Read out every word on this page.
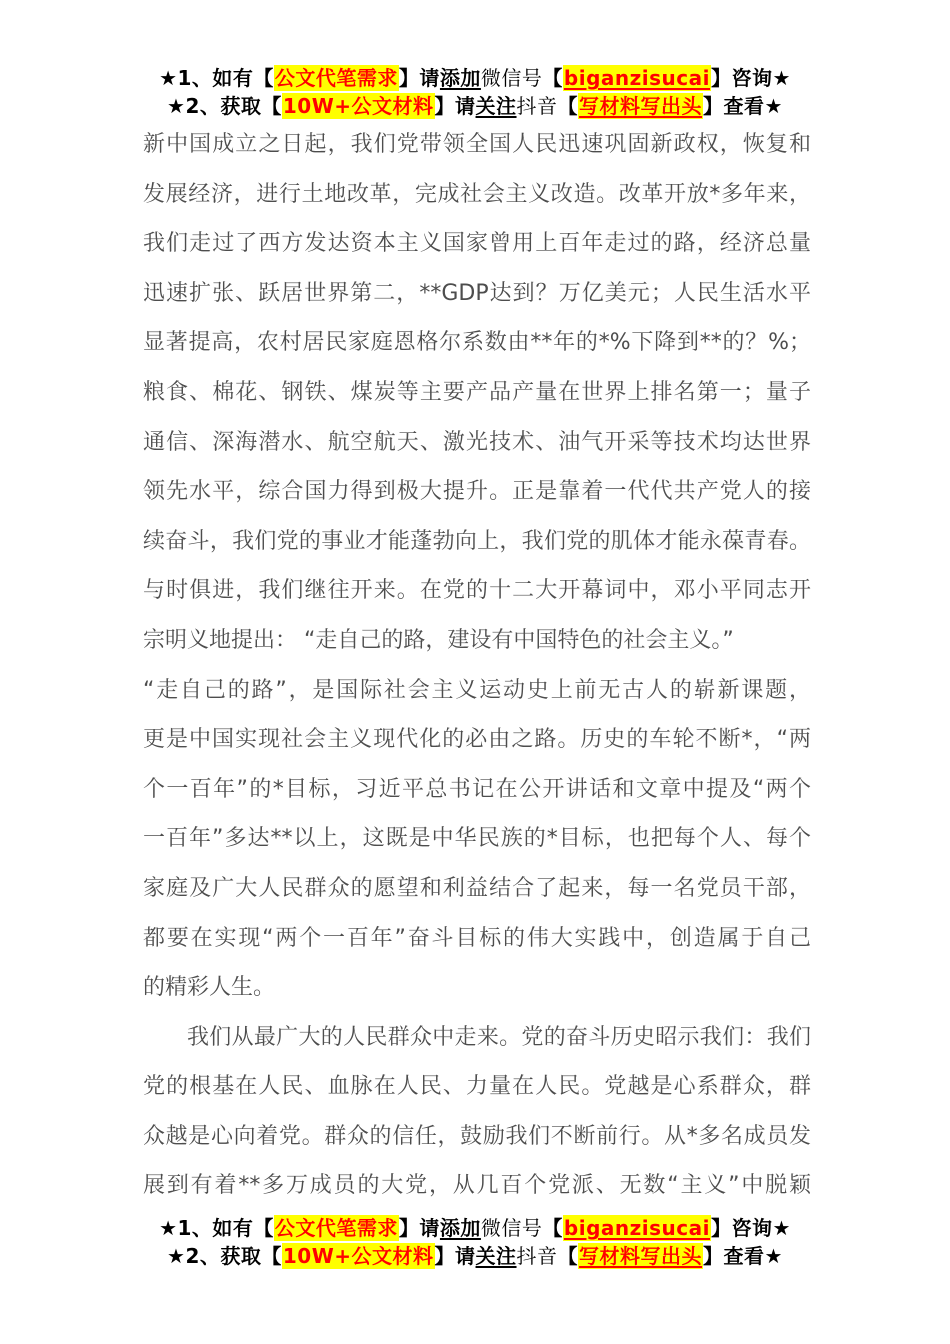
★1、如有【公文代笔需求】请添加微信号【biganzisucai】咨询★
★2、获取【10W+公文材料】请关注抖音【写材料写出头】查看★
新中国成立之日起，我们党带领全国人民迅速巩固新政权，恢复和
发展经济，进行土地改革，完成社会主义改造。改革开放*多年来，
我们走过了西方发达资本主义国家曾用上百年走过的路，经济总量
迅速扩张、跃居世界第二，**GDP达到？万亿美元；人民生活水平
显著提高，农村居民家庭恩格尔系数由**年的*%下降到**的？%；
粮食、棉花、钢铁、煤炭等主要产品产量在世界上排名第一；量子
通信、深海潜水、航空航天、激光技术、油气开采等技术均达世界
领先水平，综合国力得到极大提升。正是靠着一代代共产党人的接
续奋斗，我们党的事业才能蓬勃向上，我们党的肌体才能永葆青春。
与时俱进，我们继往开来。在党的十二大开幕词中，邓小平同志开
宗明义地提出： “走自己的路，建设有中国特色的社会主义。”
“走自己的路”，是国际社会主义运动史上前无古人的崭新课题，
更是中国实现社会主义现代化的必由之路。历史的车轮不断*，“两
个一百年”的*目标，习近平总书记在公开讲话和文章中提及“两个
一百年”多达**以上，这既是中华民族的*目标，也把每个人、每个
家庭及广大人民群众的愿望和利益结合了起来，每一名党员干部，
都要在实现“两个一百年”奋斗目标的伟大实践中，创造属于自己
的精彩人生。
我们从最广大的人民群众中走来。党的奋斗历史昭示我们：我们
党的根基在人民、血脉在人民、力量在人民。党越是心系群众，群
众越是心向着党。群众的信任，鼓励我们不断前行。从*多名成员发
展到有着**多万成员的大党，从几百个党派、无数“主义”中脱颖
★1、如有【公文代笔需求】请添加微信号【biganzisucai】咨询★
★2、获取【10W+公文材料】请关注抖音【写材料写出头】查看★
